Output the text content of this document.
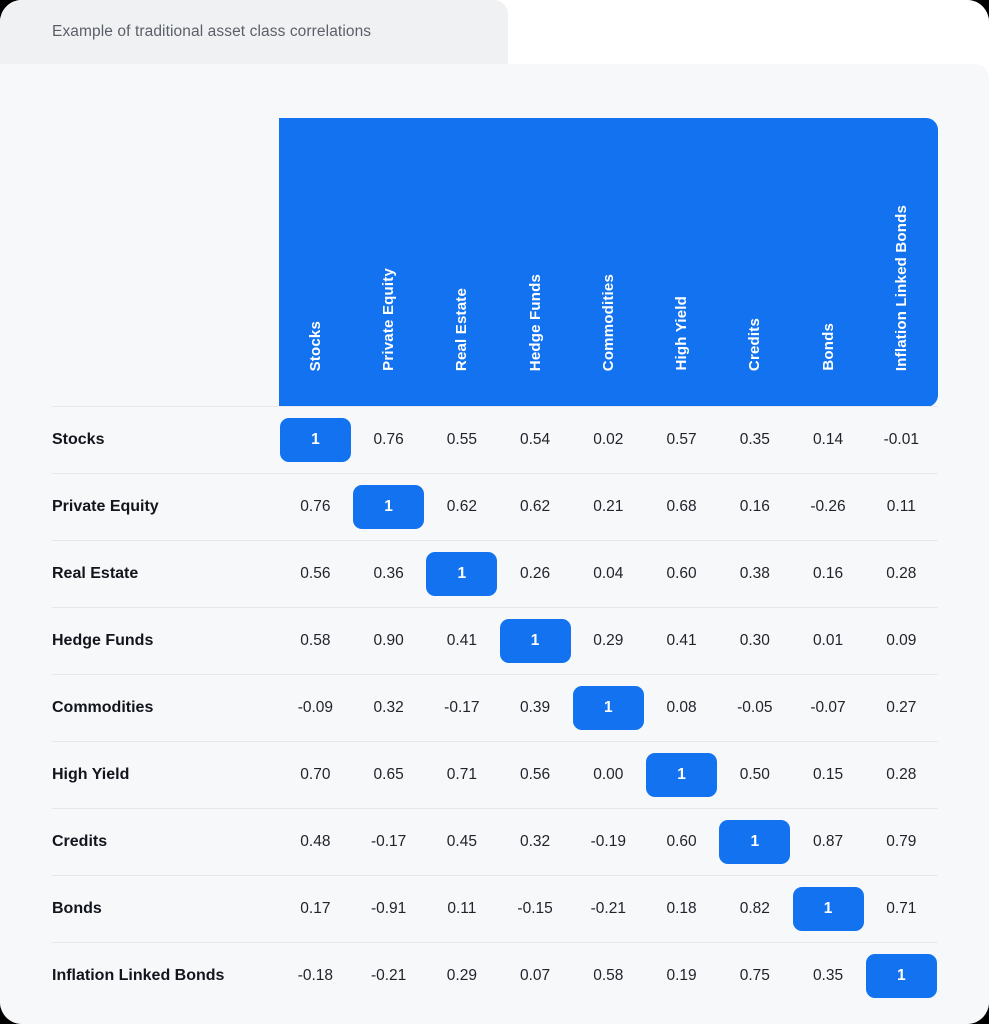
Example of traditional asset class correlations
	Stocks	Private Equity	Real Estate	Hedge Funds	Commodities	High Yield	Credits	Bonds	Inflation Linked Bonds
Stocks	1	0.76	0.55	0.54	0.02	0.57	0.35	0.14	-0.01
Private Equity	0.76	1	0.62	0.62	0.21	0.68	0.16	-0.26	0.11
Real Estate	0.56	0.36	1	0.26	0.04	0.60	0.38	0.16	0.28
Hedge Funds	0.58	0.90	0.41	1	0.29	0.41	0.30	0.01	0.09
Commodities	-0.09	0.32	-0.17	0.39	1	0.08	-0.05	-0.07	0.27
High Yield	0.70	0.65	0.71	0.56	0.00	1	0.50	0.15	0.28
Credits	0.48	-0.17	0.45	0.32	-0.19	0.60	1	0.87	0.79
Bonds	0.17	-0.91	0.11	-0.15	-0.21	0.18	0.82	1	0.71
Inflation Linked Bonds	-0.18	-0.21	0.29	0.07	0.58	0.19	0.75	0.35	1
